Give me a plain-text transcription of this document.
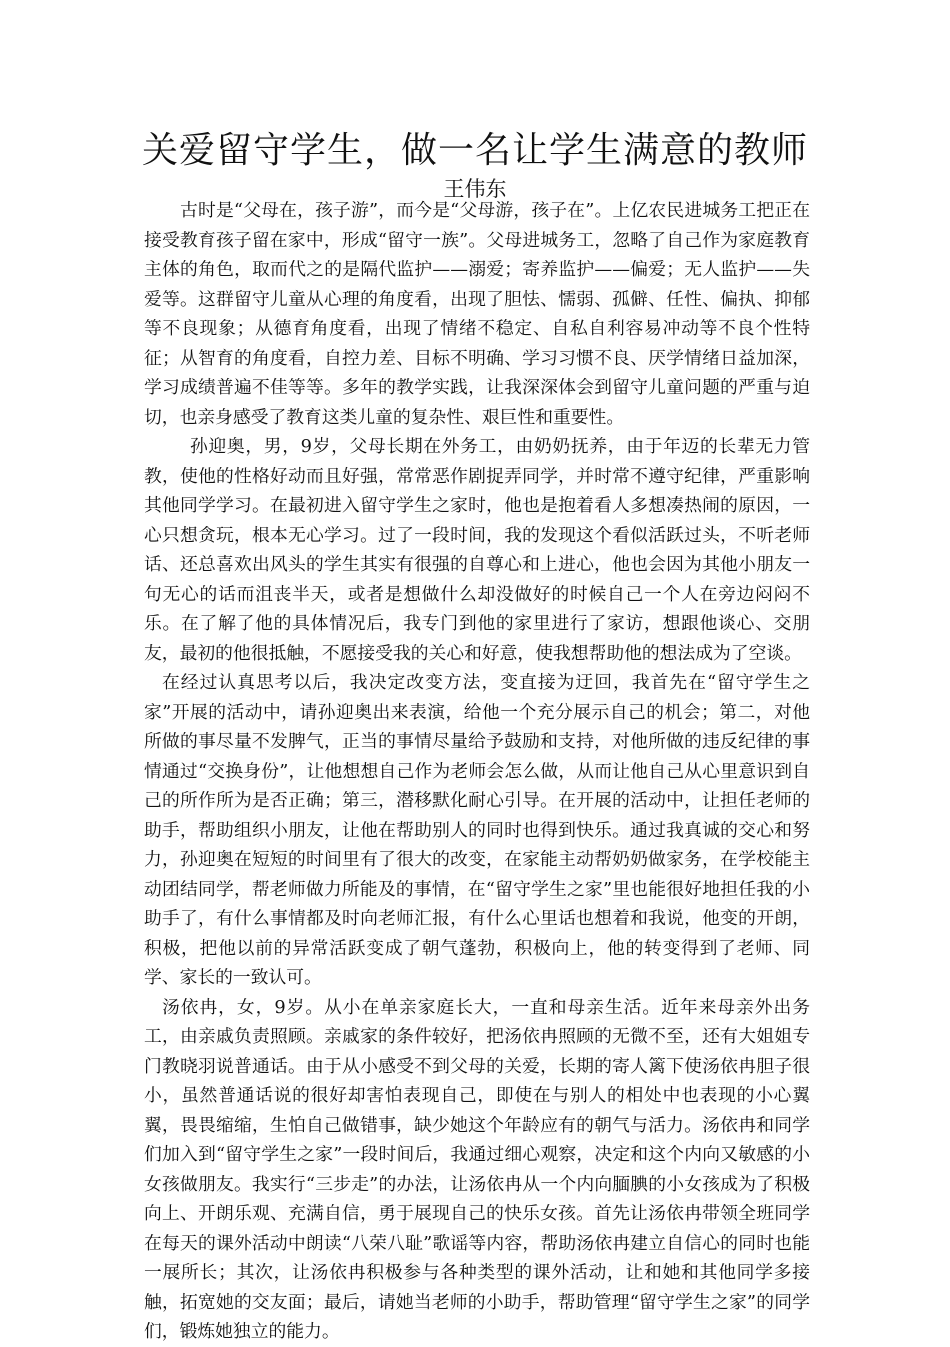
关爱留守学生，做一名让学生满意的教师
王伟东

古时是“父母在，孩子游”，而今是“父母游，孩子在”。上亿农民进城务工把正在接受教育孩子留在家中，形成“留守一族”。父母进城务工，忽略了自己作为家庭教育主体的角色，取而代之的是隔代监护——溺爱；寄养监护——偏爱；无人监护——失爱等。这群留守儿童从心理的角度看，出现了胆怯、懦弱、孤僻、任性、偏执、抑郁等不良现象；从德育角度看，出现了情绪不稳定、自私自利容易冲动等不良个性特征；从智育的角度看，自控力差、目标不明确、学习习惯不良、厌学情绪日益加深，学习成绩普遍不佳等等。多年的教学实践，让我深深体会到留守儿童问题的严重与迫切，也亲身感受了教育这类儿童的复杂性、艰巨性和重要性。

孙迎奥，男，9岁，父母长期在外务工，由奶奶抚养，由于年迈的长辈无力管教，使他的性格好动而且好强，常常恶作剧捉弄同学，并时常不遵守纪律，严重影响其他同学学习。在最初进入留守学生之家时，他也是抱着看人多想凑热闹的原因，一心只想贪玩，根本无心学习。过了一段时间，我的发现这个看似活跃过头，不听老师话、还总喜欢出风头的学生其实有很强的自尊心和上进心，他也会因为其他小朋友一句无心的话而沮丧半天，或者是想做什么却没做好的时候自己一个人在旁边闷闷不乐。在了解了他的具体情况后，我专门到他的家里进行了家访，想跟他谈心、交朋友，最初的他很抵触，不愿接受我的关心和好意，使我想帮助他的想法成为了空谈。

在经过认真思考以后，我决定改变方法，变直接为迂回，我首先在“留守学生之家”开展的活动中，请孙迎奥出来表演，给他一个充分展示自己的机会；第二，对他所做的事尽量不发脾气，正当的事情尽量给予鼓励和支持，对他所做的违反纪律的事情通过“交换身份”，让他想想自己作为老师会怎么做，从而让他自己从心里意识到自己的所作所为是否正确；第三，潜移默化耐心引导。在开展的活动中，让担任老师的助手，帮助组织小朋友，让他在帮助别人的同时也得到快乐。通过我真诚的交心和努力，孙迎奥在短短的时间里有了很大的改变，在家能主动帮奶奶做家务，在学校能主动团结同学，帮老师做力所能及的事情，在“留守学生之家”里也能很好地担任我的小助手了，有什么事情都及时向老师汇报，有什么心里话也想着和我说，他变的开朗，积极，把他以前的异常活跃变成了朝气蓬勃，积极向上，他的转变得到了老师、同学、家长的一致认可。

汤依冉，女，9岁。从小在单亲家庭长大，一直和母亲生活。近年来母亲外出务工，由亲戚负责照顾。亲戚家的条件较好，把汤依冉照顾的无微不至，还有大姐姐专门教晓羽说普通话。由于从小感受不到父母的关爱，长期的寄人篱下使汤依冉胆子很小，虽然普通话说的很好却害怕表现自己，即使在与别人的相处中也表现的小心翼翼，畏畏缩缩，生怕自己做错事，缺少她这个年龄应有的朝气与活力。汤依冉和同学们加入到“留守学生之家”一段时间后，我通过细心观察，决定和这个内向又敏感的小女孩做朋友。我实行“三步走”的办法，让汤依冉从一个内向腼腆的小女孩成为了积极向上、开朗乐观、充满自信，勇于展现自己的快乐女孩。首先让汤依冉带领全班同学在每天的课外活动中朗读“八荣八耻”歌谣等内容，帮助汤依冉建立自信心的同时也能一展所长；其次，让汤依冉积极参与各种类型的课外活动，让和她和其他同学多接触，拓宽她的交友面；最后，请她当老师的小助手，帮助管理“留守学生之家”的同学们，锻炼她独立的能力。
